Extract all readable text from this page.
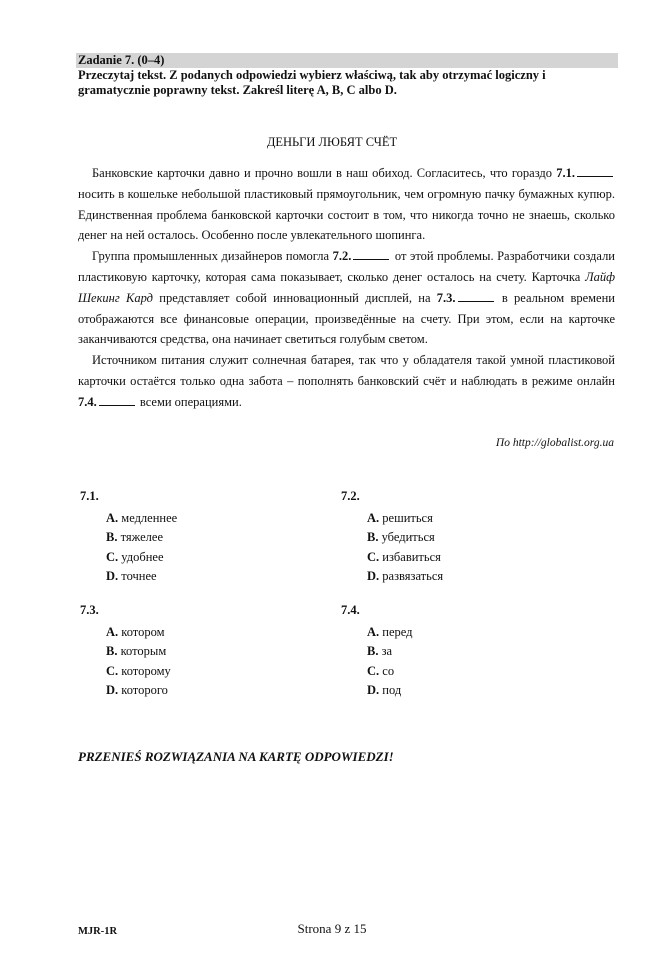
Zadanie 7. (0–4)
Przeczytaj tekst. Z podanych odpowiedzi wybierz właściwą, tak aby otrzymać logiczny i gramatycznie poprawny tekst. Zakreśl literę A, B, C albo D.
ДЕНЬГИ ЛЮБЯТ СЧЁТ

Банковские карточки давно и прочно вошли в наш обиход. Согласитесь, что гораздо 7.1. носить в кошельке небольшой пластиковый прямоугольник, чем огромную пачку бумажных купюр. Единственная проблема банковской карточки состоит в том, что никогда точно не знаешь, сколько денег на ней осталось. Особенно после увлекательного шопинга.

Группа промышленных дизайнеров помогла 7.2.	от этой проблемы. Разработчики создали пластиковую карточку, которая сама показывает, сколько денег осталось на счету. Карточка Лайф Шекинг Кард представляет собой инновационный дисплей, на 7.3.	в реальном времени отображаются все финансовые операции, произведённые на счету. При этом, если на карточке заканчиваются средства, она начинает светиться голубым светом.

Источником питания служит солнечная батарея, так что у обладателя такой умной пластиковой карточки остаётся только одна забота – пополнять банковский счёт и наблюдать в режиме онлайн 7.4.	всеми операциями.

По http://globalist.org.ua
7.1.
A. медленнее
B. тяжелее
C. удобнее
D. точнее
7.2.
A. решиться
B. убедиться
C. избавиться
D. развязаться
7.3.
A. котором
B. которым
C. которому
D. которого
7.4.
A. перед
B. за
C. со
D. под
PRZENIEŚ ROZWIĄZANIA NA KARTĘ ODPOWIEDZI!
MJR-1R	Strona 9 z 15
